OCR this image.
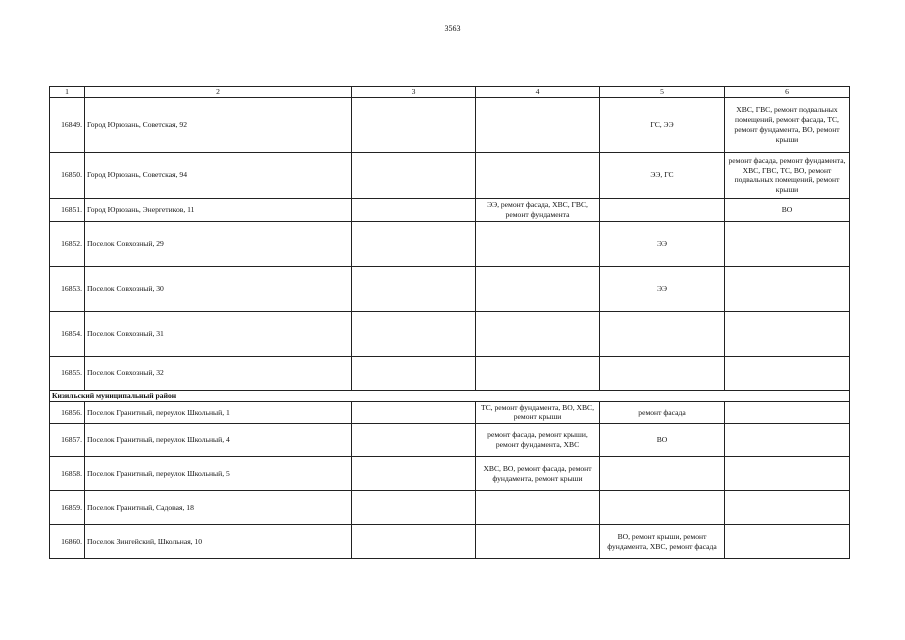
3563
1	2	3	4	5	6
16849.	Город Юрюзань, Советская, 92			ГС, ЭЭ	ХВС, ГВС, ремонт подвальных помещений, ремонт фасада, ТС, ремонт фундамента, ВО, ремонт крыши
16850.	Город Юрюзань, Советская, 94			ЭЭ, ГС	ремонт фасада, ремонт фундамента, ХВС, ГВС, ТС, ВО, ремонт подвальных помещений, ремонт крыши
16851.	Город Юрюзань, Энергетиков, 11		ЭЭ, ремонт фасада, ХВС, ГВС, ремонт фундамента		ВО
16852.	Поселок Совхозный, 29			ЭЭ	
16853.	Поселок Совхозный, 30			ЭЭ	
16854.	Поселок Совхозный, 31				
16855.	Поселок Совхозный, 32				
Кизильский муниципальный район					
16856.	Поселок Гранитный, переулок Школьный, 1		ТС, ремонт фундамента, ВО, ХВС, ремонт крыши	ремонт фасада	
16857.	Поселок Гранитный, переулок Школьный, 4		ремонт фасада, ремонт крыши, ремонт фундамента, ХВС	ВО	
16858.	Поселок Гранитный, переулок Школьный, 5		ХВС, ВО, ремонт фасада, ремонт фундамента, ремонт крыши		
16859.	Поселок Гранитный, Садовая, 18				
16860.	Поселок Зингейский, Школьная, 10			ВО, ремонт крыши, ремонт фундамента, ХВС, ремонт фасада	
